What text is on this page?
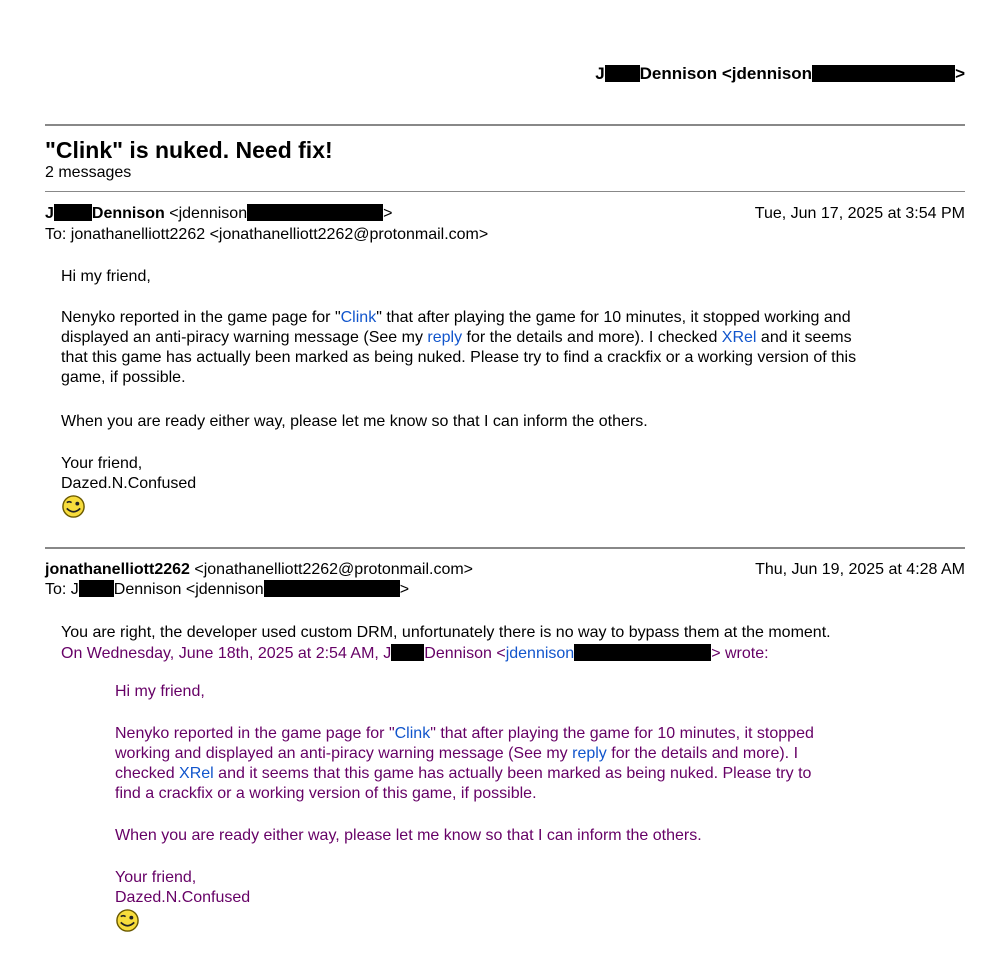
J Dennison <jdennison	>
"Clink" is nuked. Need fix!
2 messages
J Dennison <jdennison	>	Tue, Jun 17, 2025 at 3:54 PM
To: jonathanelliott2262 <jonathanelliott2262@protonmail.com>
Hi my friend,

Nenyko reported in the game page for "Clink" that after playing the game for 10 minutes, it stopped working and

displayed an anti-piracy warning message (See my reply for the details and more). I checked XRel and it seems

that this game has actually been marked as being nuked. Please try to find a crackfix or a working version of this

game, if possible.

When you are ready either way, please let me know so that I can inform the others.

Your friend,

Dazed.N.Confused

jonathanelliott2262 <jonathanelliott2262@protonmail.com>	Thu, Jun 19, 2025 at 4:28 AM
To: J Dennison <jdennison	>
You are right, the developer used custom DRM, unfortunately there is no way to bypass them at the moment.
On Wednesday, June 18th, 2025 at 2:54 AM, J Dennison <jdennison	> wrote:
Hi my friend,

Nenyko reported in the game page for "Clink" that after playing the game for 10 minutes, it stopped

working and displayed an anti-piracy warning message (See my reply for the details and more). I

checked XRel and it seems that this game has actually been marked as being nuked. Please try to

find a crackfix or a working version of this game, if possible.

When you are ready either way, please let me know so that I can inform the others.

Your friend,

Dazed.N.Confused
